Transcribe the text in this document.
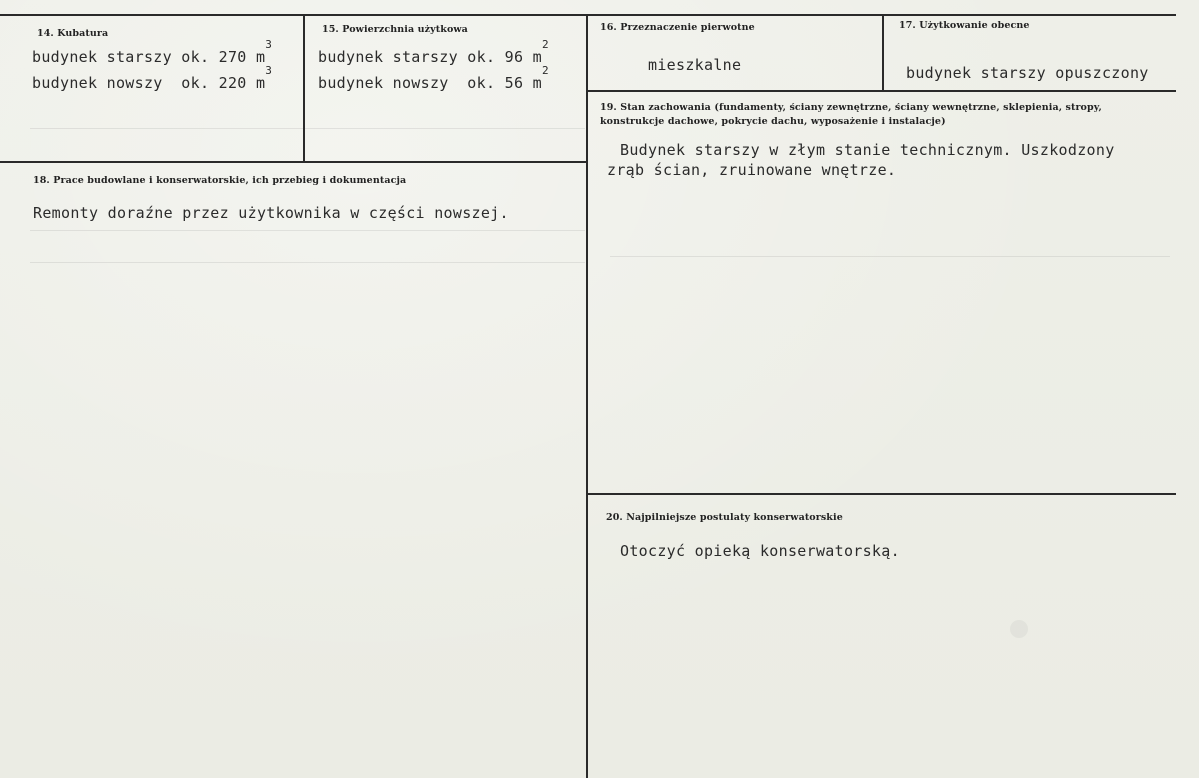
14. Kubatura
budynek starszy ok. 270 $m^3$
budynek nowszy  ok. 220 $m^3$
15. Powierzchnia użytkowa
budynek starszy ok. 96 $m^2$
budynek nowszy  ok. 56 $m^2$
16. Przeznaczenie pierwotne
mieszkalne
17. Użytkowanie obecne
budynek starszy opuszczony
19. Stan zachowania (fundamenty, ściany zewnętrzne, ściany wewnętrzne, sklepienia, stropy, konstrukcje dachowe, pokrycie dachu, wyposażenie i instalacje)
Budynek starszy w złym stanie technicznym. Uszkodzony
zrąb ścian, zruinowane wnętrze.
18. Prace budowlane i konserwatorskie, ich przebieg i dokumentacja
Remonty doraźne przez użytkownika w części nowszej.
20. Najpilniejsze postulaty konserwatorskie
Otoczyć opieką konserwatorską.
